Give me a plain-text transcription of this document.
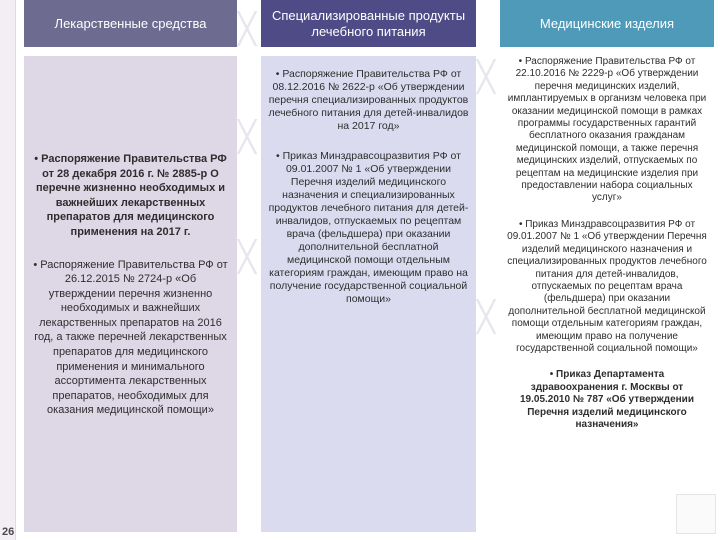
26
╳
╳
╳
╳
╳
Лекарственные средства
• Распоряжение Правительства РФ от 28 декабря 2016 г. № 2885-р О перечне жизненно необходимых и важнейших лекарственных препаратов для медицинского применения на 2017 г.
• Распоряжение Правительства РФ от 26.12.2015 № 2724-р «Об утверждении перечня жизненно необходимых и важнейших лекарственных препаратов на 2016 год, а также перечней лекарственных препаратов для медицинского применения и минимального ассортимента лекарственных препаратов, необходимых для оказания медицинской помощи»
Специализированные продукты лечебного питания
• Распоряжение Правительства РФ от 08.12.2016 № 2622-р «Об утверждении перечня специализированных продуктов лечебного питания для детей-инвалидов на 2017 год»
• Приказ Минздравсоцразвития РФ от 09.01.2007 № 1 «Об утверждении Перечня изделий медицинского назначения и специализированных продуктов лечебного питания для детей-инвалидов, отпускаемых по рецептам врача (фельдшера) при оказании дополнительной бесплатной медицинской помощи отдельным категориям граждан, имеющим право на получение государственной социальной помощи»
Медицинские изделия
• Распоряжение Правительства РФ от 22.10.2016 № 2229-р «Об утверждении перечня медицинских изделий, имплантируемых в организм человека при оказании медицинской помощи в рамках программы государственных гарантий бесплатного оказания гражданам медицинской помощи, а также перечня медицинских изделий, отпускаемых по рецептам на медицинские изделия при предоставлении набора социальных услуг»
• Приказ Минздравсоцразвития РФ от 09.01.2007 № 1 «Об утверждении Перечня изделий медицинского назначения и специализированных продуктов лечебного питания для детей-инвалидов, отпускаемых по рецептам врача (фельдшера) при оказании дополнительной бесплатной медицинской помощи отдельным категориям граждан, имеющим право на получение государственной социальной помощи»
• Приказ Департамента здравоохранения г. Москвы от 19.05.2010 № 787 «Об утверждении Перечня изделий медицинского назначения»
